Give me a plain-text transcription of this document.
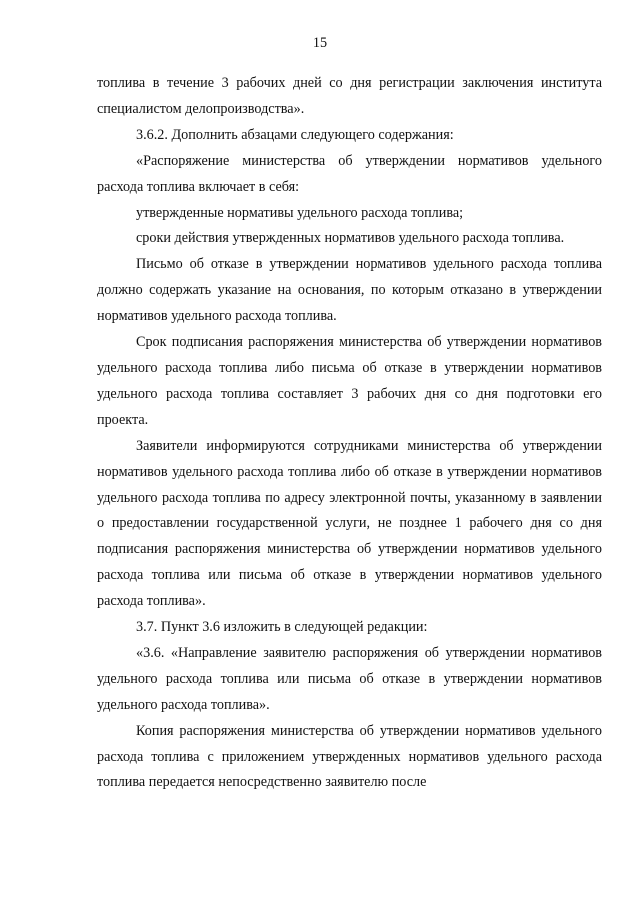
15

топлива в течение 3 рабочих дней со дня регистрации заключения института специалистом делопроизводства».

3.6.2. Дополнить абзацами следующего содержания:

«Распоряжение министерства об утверждении нормативов удельного расхода топлива включает в себя:

утвержденные нормативы удельного расхода топлива;

сроки действия утвержденных нормативов удельного расхода топлива.

Письмо об отказе в утверждении нормативов удельного расхода топлива должно содержать указание на основания, по которым отказано в утверждении нормативов удельного расхода топлива.

Срок подписания распоряжения министерства об утверждении нормативов удельного расхода топлива либо письма об отказе в утверждении нормативов удельного расхода топлива составляет 3 рабочих дня со дня подготовки его проекта.

Заявители информируются сотрудниками министерства об утверждении нормативов удельного расхода топлива либо об отказе в утверждении нормативов удельного расхода топлива по адресу электронной почты, указанному в заявлении о предоставлении государственной услуги, не позднее 1 рабочего дня со дня подписания распоряжения министерства об утверждении нормативов удельного расхода топлива или письма об отказе в утверждении нормативов удельного расхода топлива».

3.7. Пункт 3.6 изложить в следующей редакции:

«3.6. «Направление заявителю распоряжения об утверждении нормативов удельного расхода топлива или письма об отказе в утверждении нормативов удельного расхода топлива».

Копия распоряжения министерства об утверждении нормативов удельного расхода топлива с приложением утвержденных нормативов удельного расхода топлива передается непосредственно заявителю после
